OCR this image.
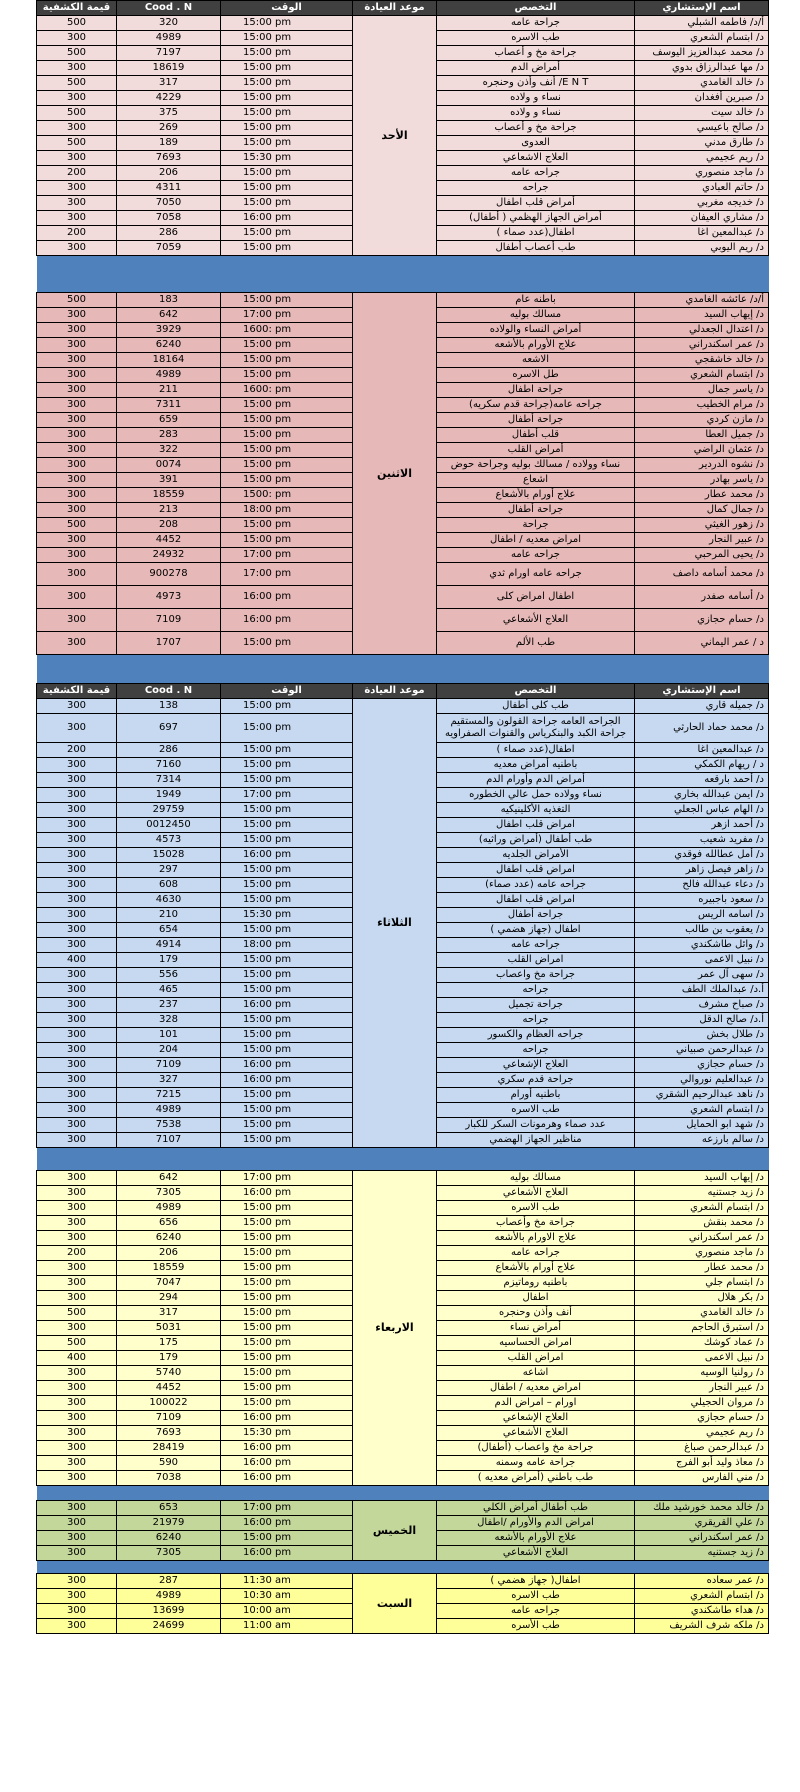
اسم الإستشاري	التخصص	موعد العيادة	الوقت	Cood . N	قيمة الكشفية
أ/د/ فاطمه الشبلي	جراحة عامه	الأحد	15:00 pm	320	500
د/ ابتسام الشعري	طب الاسره		15:00 pm	4989	300
د/ محمد عبدالعزيز اليوسف	جراحة مخ و أعصاب		15:00 pm	7197	500
د/ مها عبدالرزاق بدوي	أمراض الدم		15:00 pm	18619	300
د/ خالد الغامدي	E N T/ أنف وأذن وحنجره		15:00 pm	317	500
د/ صبرين أفغدان	نساء و ولاده		15:00 pm	4229	300
د/ خالد سيت	نساء و ولاده		15:00 pm	375	500
د/ صالح باعيسي	جراحة مخ و أعصاب		15:00 pm	269	300
د/ طارق مدني	العدوى		15:00 pm	189	500
د/ ريم عجيمي	العلاج الاشعاعي		15:30 pm	7693	300
د/ ماجد منصوري	جراحه عامه		15:00 pm	206	200
د/ حاتم العبادي	جراحه		15:00 pm	4311	300
د/ خديجه مغربي	أمراض قلب اطفال		15:00 pm	7050	300
د/ مشاري العيفان	أمراض الجهاز الهظمي ( أطفال)		16:00 pm	7058	300
د/ عبدالمعين اغا	اطفال(عدد صماء )		15:00 pm	286	200
د/ ريم اليوبي	طب أعصاب أطفال		15:00 pm	7059	300

أ/د/ عائشه الغامدي	باطنه عام	الاثنين	15:00 pm	183	500
د/ إيهاب السيد	مسالك بوليه		17:00 pm	642	300
د/ اعتدال الجعدلي	أمراض النساء والولاده		1600: pm	3929	300
د/ عمر اسكندراني	علاج الأورام بالأشعه		15:00 pm	6240	300
د/ خالد خاشقجي	الاشعه		15:00 pm	18164	300
د/ ابتسام الشعري	طل الاسره		15:00 pm	4989	300
د/ ياسر جمال	جراحة اطفال		1600: pm	211	300
د/ مرام الخطيب	جراحه عامه(جراحة قدم سكريه)		15:00 pm	7311	300
د/ مازن كردي	جراحة أطفال		15:00 pm	659	300
د/ جميل العطا	قلب أطفال		15:00 pm	283	300
د/ عثمان الراضي	أمراض القلب		15:00 pm	322	300
د/ نشوه الدردير	نساء وولاده / مسالك بوليه وجراحة حوض		15:00 pm	0074	300
د/ ياسر بهادر	اشعاع		15:00 pm	391	300
د/ محمد عطار	علاج أورام بالأشعاع		1500: pm	18559	300
د/ جمال كمال	جراحة أطفال		18:00 pm	213	300
د/ زهور الغيثي	جراحة		15:00 pm	208	500
د/ عبير النجار	امراض معديه / اطفال		15:00 pm	4452	300
د/ يحيى المرحبي	جراحه عامه		17:00 pm	24932	300
د/ محمد أسامه داصف	جراحه عامه اورام ثدي		17:00 pm	900278	300
د/ أسامه صفدر	اطفال امراض كلى		16:00 pm	4973	300
د/ حسام حجازي	العلاج الأشعاعي		16:00 pm	7109	300
د / عمر اليماني	طب الألم		15:00 pm	1707	300

اسم الإستشاري	التخصص	موعد العيادة	الوقت	Cood . N	قيمة الكشفية
د/ جميله قاري	طب كلى أطفال	الثلاثاء	15:00 pm	138	300
د/ محمد حماد الحارثي	الجراحه العامه جراحة القولون والمستقيم جراحة الكبد والبنكرياس والقنوات الصفراويه		15:00 pm	697	300
د/ عبدالمعين اغا	اطفال(عدد صماء )		15:00 pm	286	200
د / ريهام الكمكي	باطنيه أمراض معديه		15:00 pm	7160	300
د/ أحمد بارقعه	أمراض الدم وأورام الدم		15:00 pm	7314	300
د/ ايمن عبدالله بخاري	نساء وولاده حمل عالي الخطوره		17:00 pm	1949	300
د/ الهام عباس الجعلي	التغذيه الأكلينيكيه		15:00 pm	29759	300
د/ أحمد ازهر	امراض قلب اطفال		15:00 pm	0012450	300
د/ مفريد شعيب	طب أطفال (أمراض وراثيه)		15:00 pm	4573	300
د/ أمل عطالله فوقدي	الأمراض الجلديه		16:00 pm	15028	300
د/ زاهر فيصل زاهر	امراض قلب اطفال		15:00 pm	297	300
د/ دعاء عبدالله فالح	جراحه عامه (عدد صماء)		15:00 pm	608	300
د/ سعود باجبيره	امراض قلب اطفال		15:00 pm	4630	300
د/ اسامه الريس	جراحة أطفال		15:30 pm	210	300
د/ يعقوب بن طالب	اطفال (جهاز هضمي )		15:00 pm	654	300
د/ وائل طاشكندي	جراحه عامه		18:00 pm	4914	300
د/ نبيل الاعمى	امراض القلب		15:00 pm	179	400
د/ سهى آل عمر	جراحة مخ واعصاب		15:00 pm	556	300
أ.د/ عبدالملك الطف	جراحه		15:00 pm	465	300
د/ صباح مشرف	جراحة تجميل		16:00 pm	237	300
أ.د/ صالح الدقل	جراحه		15:00 pm	328	300
د/ طلال بخش	جراحه العظام والكسور		15:00 pm	101	300
د/ عبدالرحمن صبياني	جراحه		15:00 pm	204	300
د/ حسام حجازي	العلاج الإشعاعي		16:00 pm	7109	300
د/ عبدالعليم نوروالي	جراحة قدم سكري		16:00 pm	327	300
د/ ناهد عبدالرحيم الشقري	باطنيه أورام		15:00 pm	7215	300
د/ ابتسام الشعري	طب الاسره		15:00 pm	4989	300
د/ شهد ابو الحمايل	عدد صماء وهرمونات السكر للكبار		15:00 pm	7538	300
د/ سالم بارزعه	مناظير الجهاز الهضمي		15:00 pm	7107	300

د/ إيهاب السيد	مسالك بوليه	الاربعاء	17:00 pm	642	300
د/ زيد جستنيه	العلاج الأشعاعي		16:00 pm	7305	300
د/ ابتسام الشعري	طب الاسره		15:00 pm	4989	300
د/ محمد بنقش	جراحة مخ وأعصاب		15:00 pm	656	300
د/ عمر اسكندراني	علاج الاورام بالأشعه		15:00 pm	6240	300
د/ ماجد منصوري	جراحه عامه		15:00 pm	206	200
د/ محمد عطار	علاج أورام بالأشعاع		15:00 pm	18559	300
د/ ابتسام جلي	باطنيه روماتيزم		15:00 pm	7047	300
د/ بكر هلال	اطفال		15:00 pm	294	300
د/ خالد الغامدي	أنف وأذن وحنجره		15:00 pm	317	500
د/ استبرق الحاجم	أمراض نساء		15:00 pm	5031	300
د/ عماد كوشك	امراض الحساسيه		15:00 pm	175	500
د/ نبيل الاعمى	امراض القلب		15:00 pm	179	400
د/ رولنيا الوسيه	اشاعه		15:00 pm	5740	300
د/ عبير النجار	امراض معديه / اطفال		15:00 pm	4452	300
د/ مروان الحجيلي	اورام – امراض الدم		15:00 pm	100022	300
د/ حسام حجازي	العلاج الإشعاعي		16:00 pm	7109	300
د/ ريم عجيمي	العلاج الأشعاعي		15:30 pm	7693	300
د/ عبدالرحمن صباغ	جراحة مخ واعصاب (أطفال)		16:00 pm	28419	300
د/ معاذ وليد أبو الفرج	جراحة عامه وسمنه		16:00 pm	590	300
د/ مني الفارس	طب باطني (أمراض معديه )		16:00 pm	7038	300

د/ خالد محمد خورشيد ملك	طب أطفال أمراض الكلي	الخميس	17:00 pm	653	300
د/ علي القريقري	امراض الدم والأورام /اطفال		16:00 pm	21979	300
د/ عمر اسكندراني	علاج الأورام بالأشعه		15:00 pm	6240	300
د/ زيد جستنيه	العلاج الأشعاعي		16:00 pm	7305	300

د/ عمر سعاده	اطفال( جهاز هضمي )	السبت	11:30 am	287	300
د/ ابتسام الشعري	طب الاسره		10:30 am	4989	300
د/ هداء طاشكندي	جراحه عامه		10:00 am	13699	300
د/ ملكه شرف الشريف	طب الأسره		11:00 am	24699	300
